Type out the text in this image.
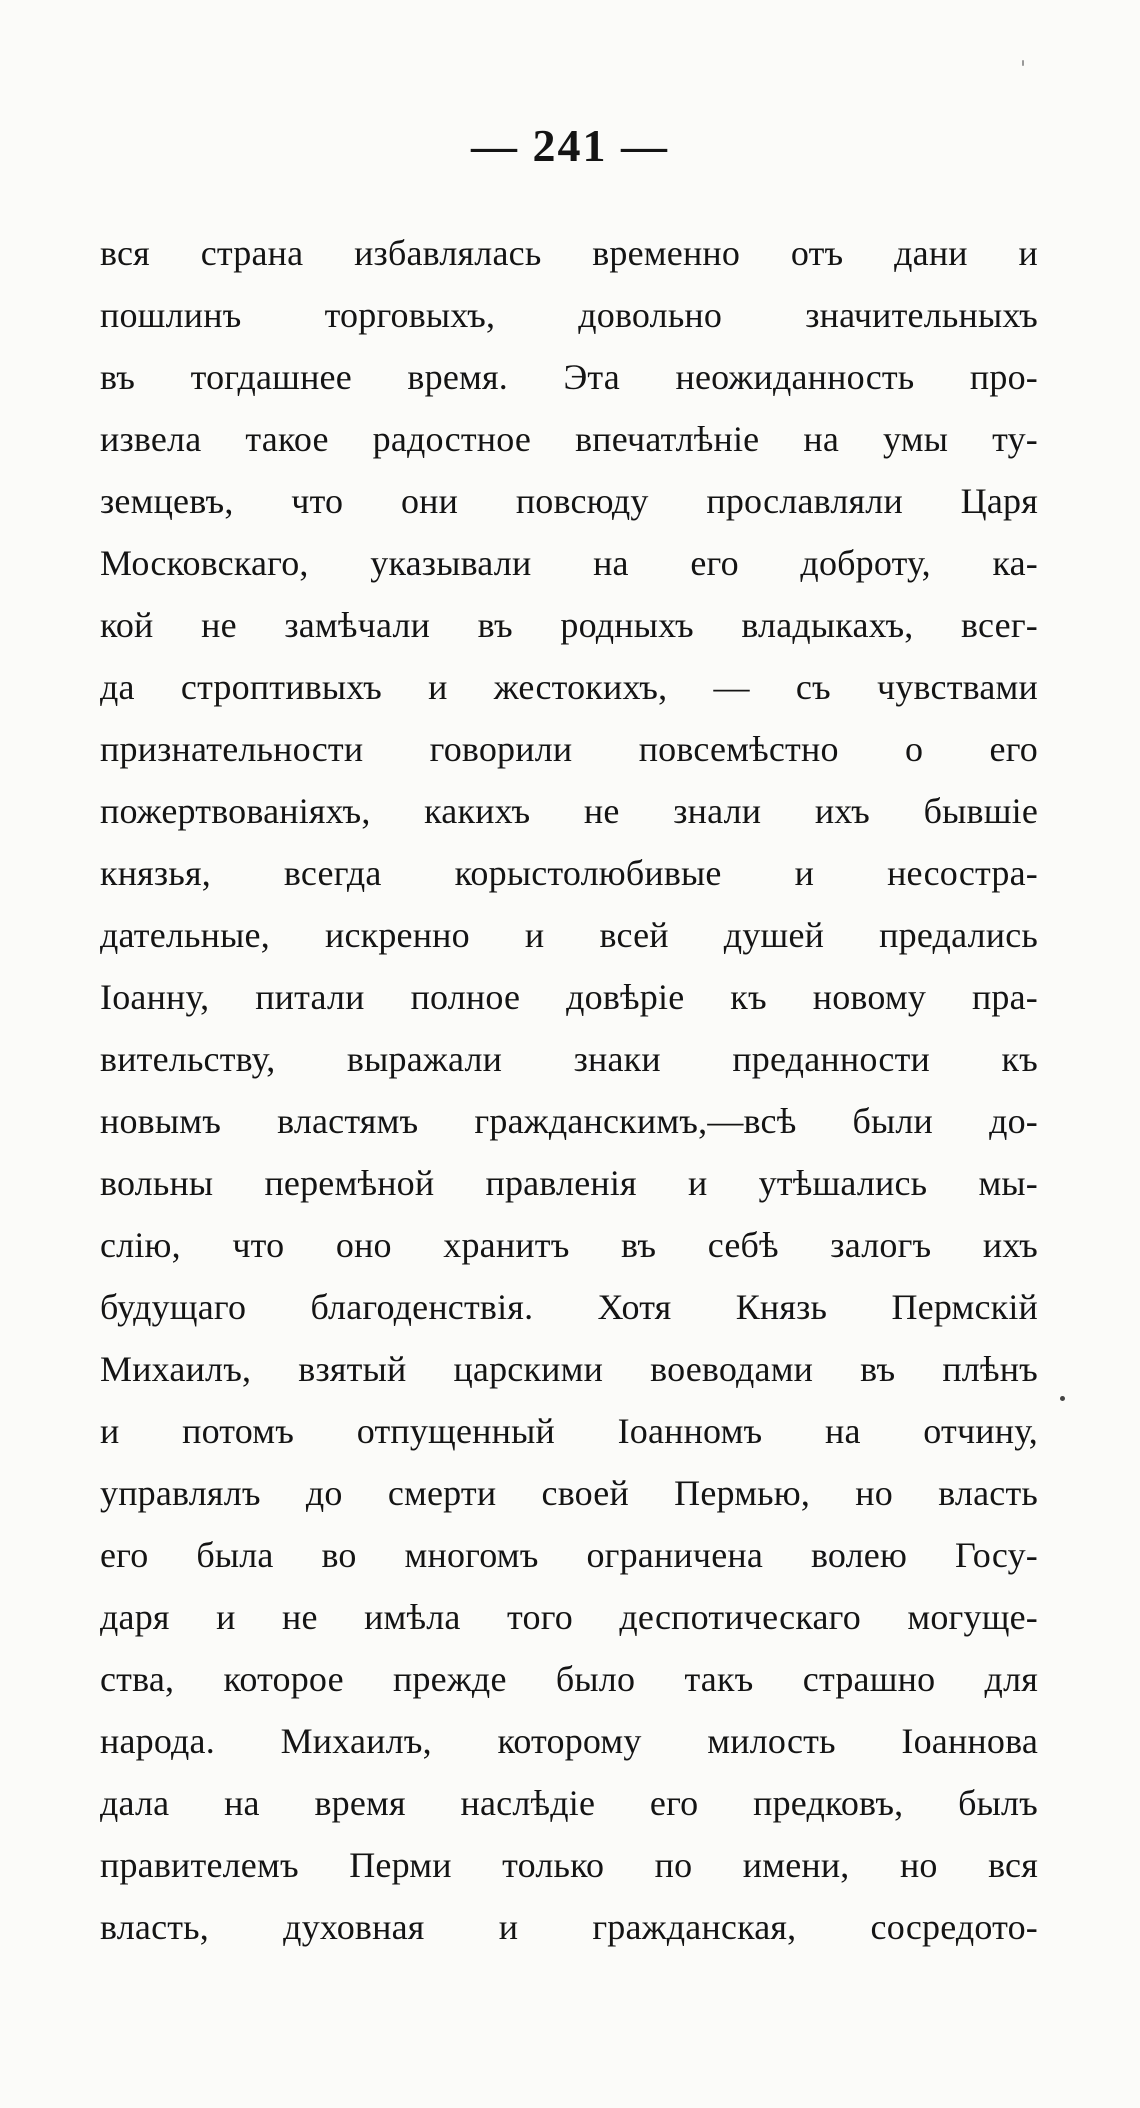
— 241 —
вся страна избавлялась временно отъ дани и
пошлинъ торговыхъ, довольно значительныхъ
въ тогдашнее время. Эта неожиданность про-
извела такое радостное впечатлѣніе на умы ту-
земцевъ, что они повсюду прославляли Царя
Московскаго, указывали на его доброту, ка-
кой не замѣчали въ родныхъ владыкахъ, всег-
да строптивыхъ и жестокихъ, — съ чувствами
признательности говорили повсемѣстно о его
пожертвованіяхъ, какихъ не знали ихъ бывшіе
князья, всегда корыстолюбивые и несостра-
дательные, искренно и всей душей предались
Іоанну, питали полное довѣріе къ новому пра-
вительству, выражали знаки преданности къ
новымъ властямъ гражданскимъ,—всѣ были до-
вольны перемѣной правленія и утѣшались мы-
слію, что оно хранитъ въ себѣ залогъ ихъ
будущаго благоденствія. Хотя Князь Пермскій
Михаилъ, взятый царскими воеводами въ плѣнъ
и потомъ отпущенный Іоанномъ на отчину,
управлялъ до смерти своей Пермью, но власть
его была во многомъ ограничена волею Госу-
даря и не имѣла того деспотическаго могуще-
ства, которое прежде было такъ страшно для
народа. Михаилъ, которому милость Іоаннова
дала на время наслѣдіе его предковъ, былъ
правителемъ Перми только по имени, но вся
власть, духовная и гражданская, сосредото-
